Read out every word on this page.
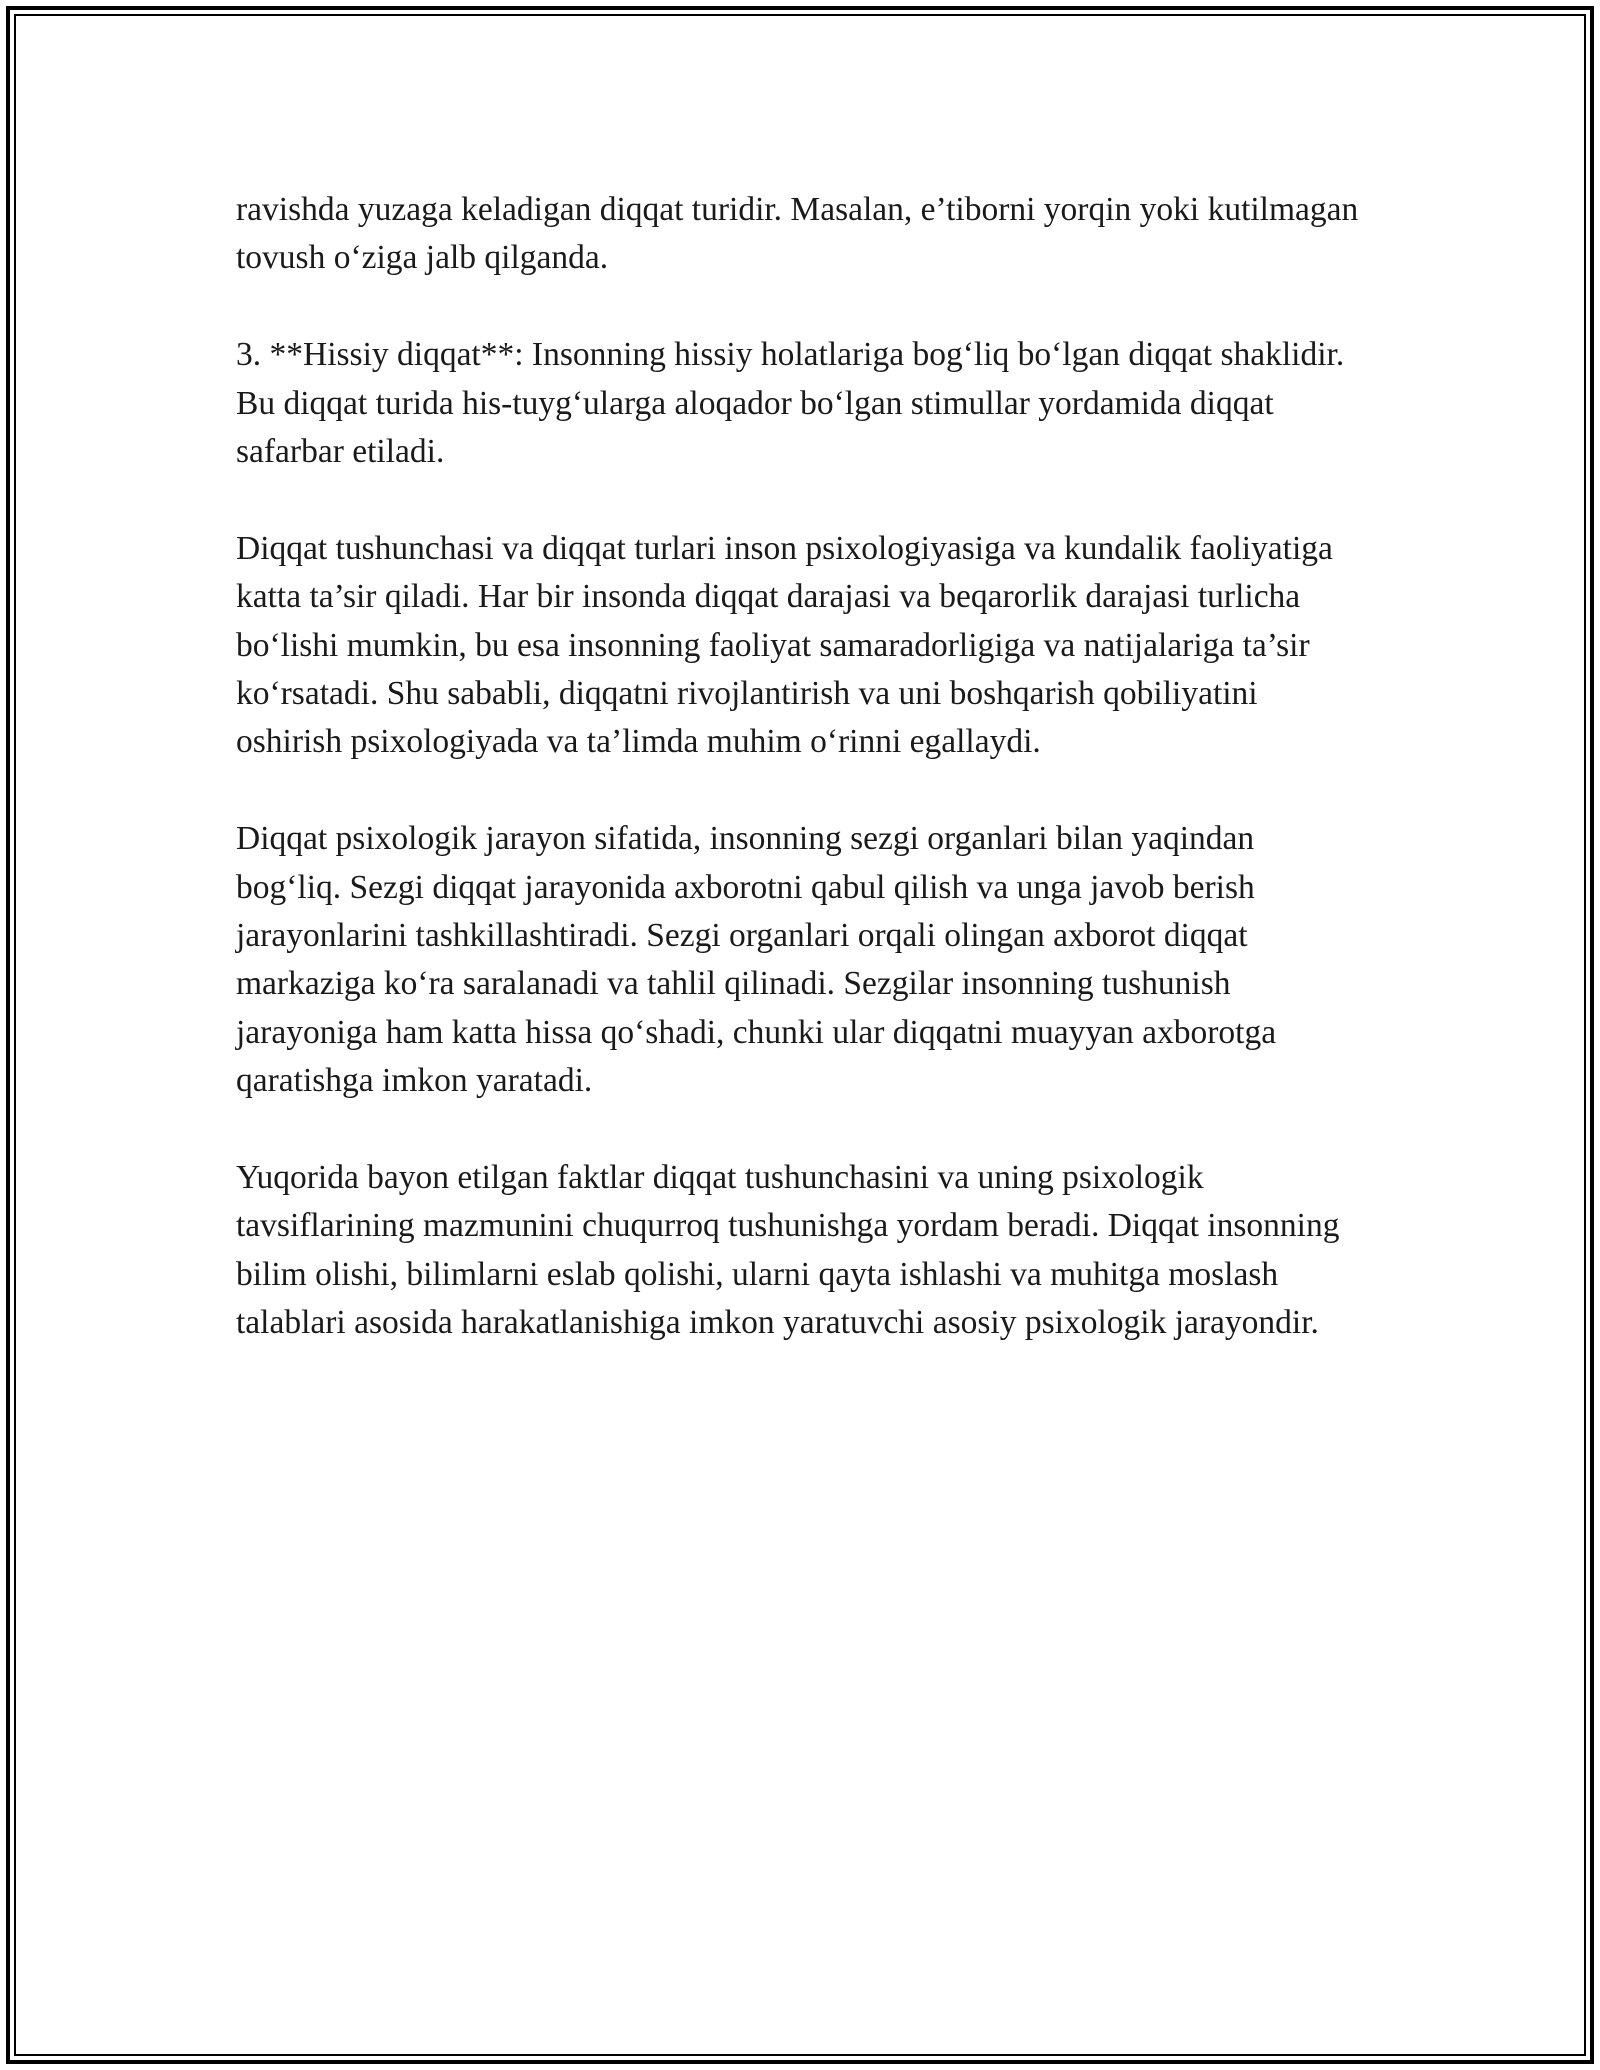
ravishda yuzaga keladigan diqqat turidir. Masalan, e’tiborni yorqin yoki kutilmagan tovush o‘ziga jalb qilganda.

3. **Hissiy diqqat**: Insonning hissiy holatlariga bog‘liq bo‘lgan diqqat shaklidir. Bu diqqat turida his-tuyg‘ularga aloqador bo‘lgan stimullar yordamida diqqat safarbar etiladi.

Diqqat tushunchasi va diqqat turlari inson psixologiyasiga va kundalik faoliyatiga katta ta’sir qiladi. Har bir insonda diqqat darajasi va beqarorlik darajasi turlicha bo‘lishi mumkin, bu esa insonning faoliyat samaradorligiga va natijalariga ta’sir ko‘rsatadi. Shu sababli, diqqatni rivojlantirish va uni boshqarish qobiliyatini oshirish psixologiyada va ta’limda muhim o‘rinni egallaydi.

Diqqat psixologik jarayon sifatida, insonning sezgi organlari bilan yaqindan bog‘liq. Sezgi diqqat jarayonida axborotni qabul qilish va unga javob berish jarayonlarini tashkillashtiradi. Sezgi organlari orqali olingan axborot diqqat markaziga ko‘ra saralanadi va tahlil qilinadi. Sezgilar insonning tushunish jarayoniga ham katta hissa qo‘shadi, chunki ular diqqatni muayyan axborotga qaratishga imkon yaratadi.

Yuqorida bayon etilgan faktlar diqqat tushunchasini va uning psixologik tavsiflarining mazmunini chuqurroq tushunishga yordam beradi. Diqqat insonning bilim olishi, bilimlarni eslab qolishi, ularni qayta ishlashi va muhitga moslash talablari asosida harakatlanishiga imkon yaratuvchi asosiy psixologik jarayondir.
